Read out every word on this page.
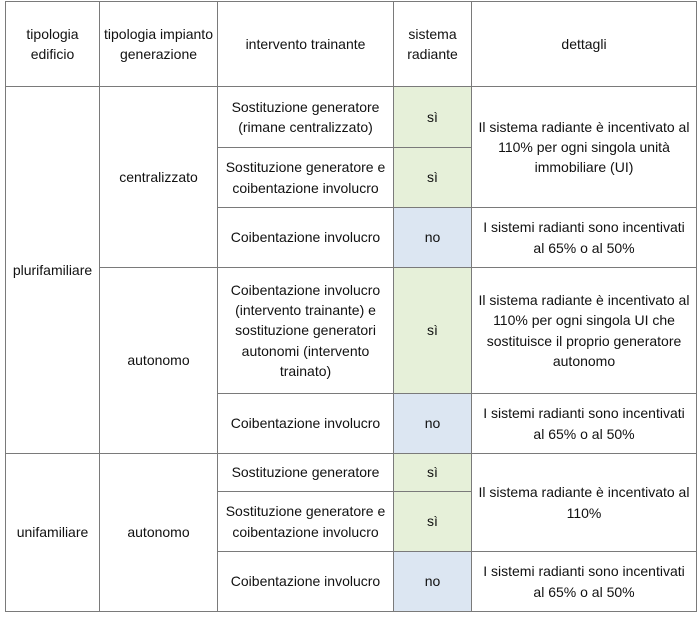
tipologia edificio	tipologia impianto generazione	intervento trainante	sistema radiante	dettagli
plurifamiliare	centralizzato	Sostituzione generatore (rimane centralizzato)	sì	Il sistema radiante è incentivato al 110% per ogni singola unità immobiliare (UI)
		Sostituzione generatore e coibentazione involucro	sì	
		Coibentazione involucro	no	I sistemi radianti sono incentivati al 65% o al 50%
	autonomo	Coibentazione involucro (intervento trainante) e sostituzione generatori autonomi (intervento trainato)	sì	Il sistema radiante è incentivato al 110% per ogni singola UI che sostituisce il proprio generatore autonomo
		Coibentazione involucro	no	I sistemi radianti sono incentivati al 65% o al 50%
unifamiliare	autonomo	Sostituzione generatore	sì	Il sistema radiante è incentivato al 110%
		Sostituzione generatore e coibentazione involucro	sì	
		Coibentazione involucro	no	I sistemi radianti sono incentivati al 65% o al 50%
